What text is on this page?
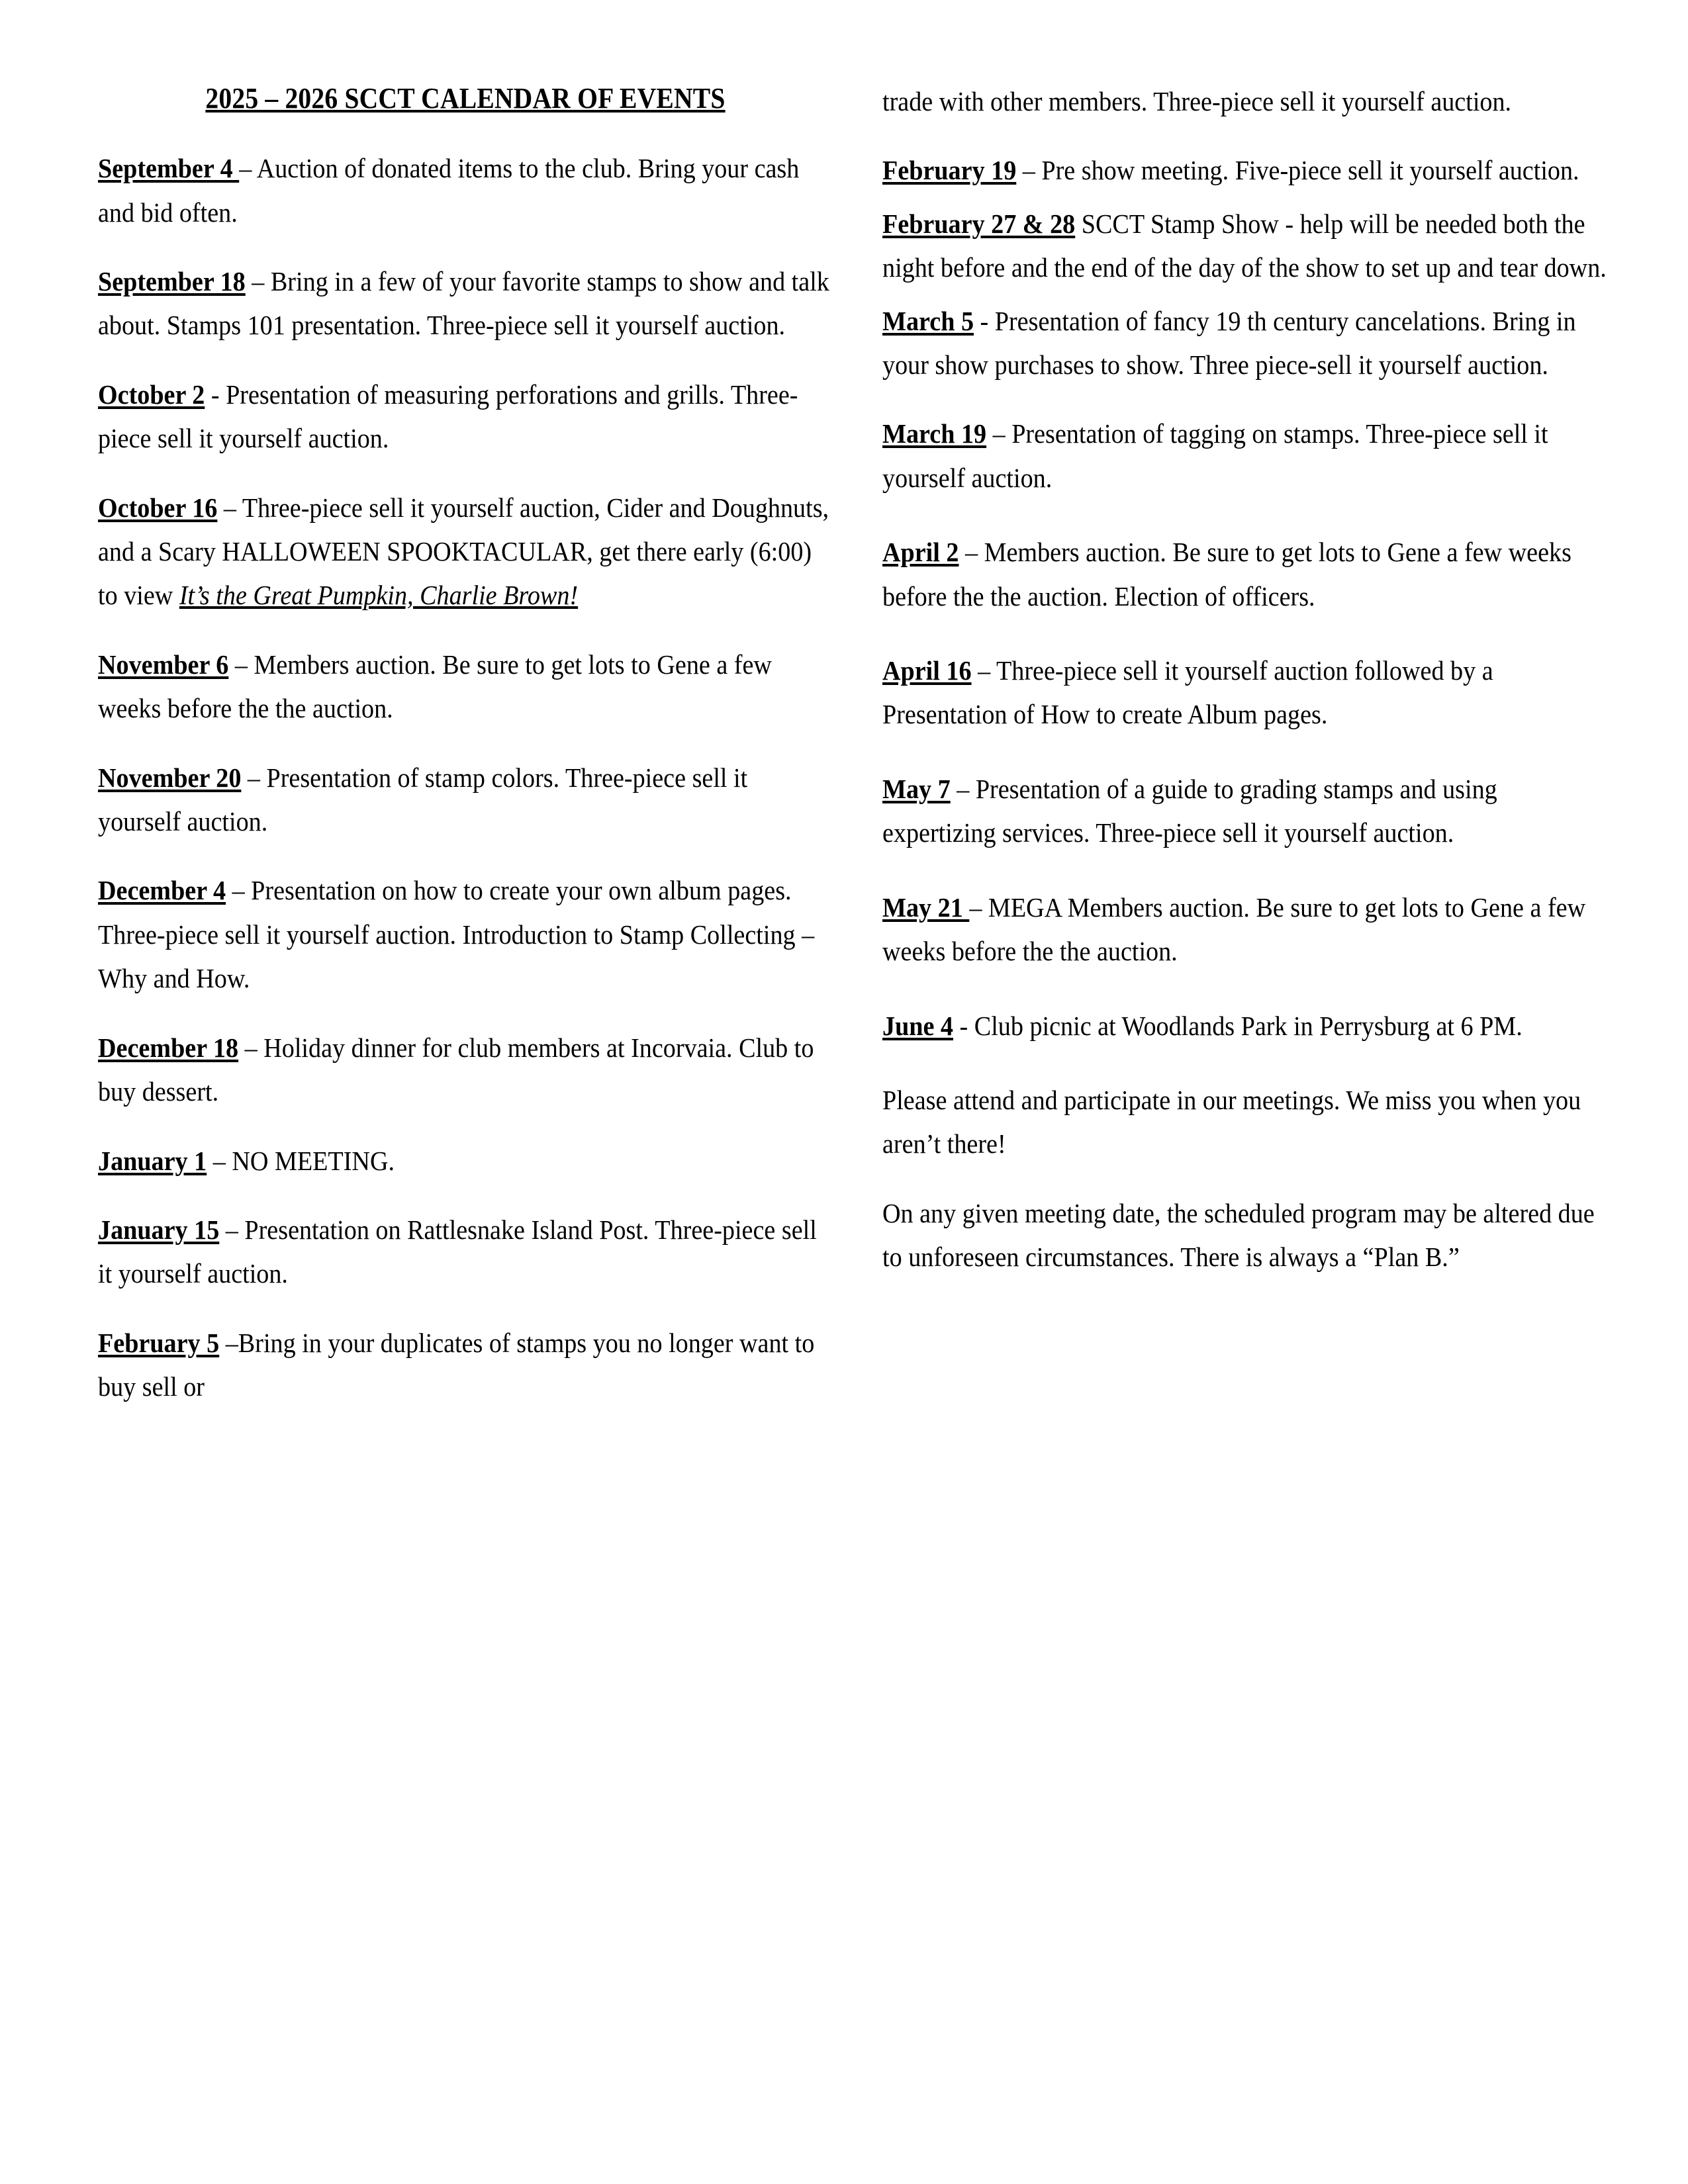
2025 – 2026 SCCT CALENDAR OF EVENTS

September 4 – Auction of donated items to the club. Bring your cash and bid often.

September 18 – Bring in a few of your favorite stamps to show and talk about. Stamps 101 presentation. Three-piece sell it yourself auction.

October 2 - Presentation of measuring perforations and grills. Three-piece sell it yourself auction.

October 16 – Three-piece sell it yourself auction, Cider and Doughnuts, and a Scary HALLOWEEN SPOOKTACULAR, get there early (6:00) to view It’s the Great Pumpkin, Charlie Brown!

November 6 – Members auction. Be sure to get lots to Gene a few weeks before the the auction.

November 20 – Presentation of stamp colors. Three-piece sell it yourself auction.

December 4 – Presentation on how to create your own album pages. Three-piece sell it yourself auction. Introduction to Stamp Collecting – Why and How.

December 18 – Holiday dinner for club members at Incorvaia. Club to buy dessert.

January 1 – NO MEETING.

January 15 – Presentation on Rattlesnake Island Post. Three-piece sell it yourself auction.

February 5 –Bring in your duplicates of stamps you no longer want to buy sell or

trade with other members. Three-piece sell it yourself auction.

February 19 – Pre show meeting. Five-piece sell it yourself auction.

February 27 & 28 SCCT Stamp Show - help will be needed both the night before and the end of the day of the show to set up and tear down.

March 5 - Presentation of fancy 19 th century cancelations. Bring in your show purchases to show. Three piece-sell it yourself auction.

March 19 – Presentation of tagging on stamps. Three-piece sell it yourself auction.

April 2 – Members auction. Be sure to get lots to Gene a few weeks before the the auction. Election of officers.

April 16 – Three-piece sell it yourself auction followed by a Presentation of How to create Album pages.

May 7 – Presentation of a guide to grading stamps and using expertizing services. Three-piece sell it yourself auction.

May 21 – MEGA Members auction. Be sure to get lots to Gene a few weeks before the the auction.

June 4 - Club picnic at Woodlands Park in Perrysburg at 6 PM.

Please attend and participate in our meetings. We miss you when you aren’t there!

On any given meeting date, the scheduled program may be altered due to unforeseen circumstances. There is always a “Plan B.”
